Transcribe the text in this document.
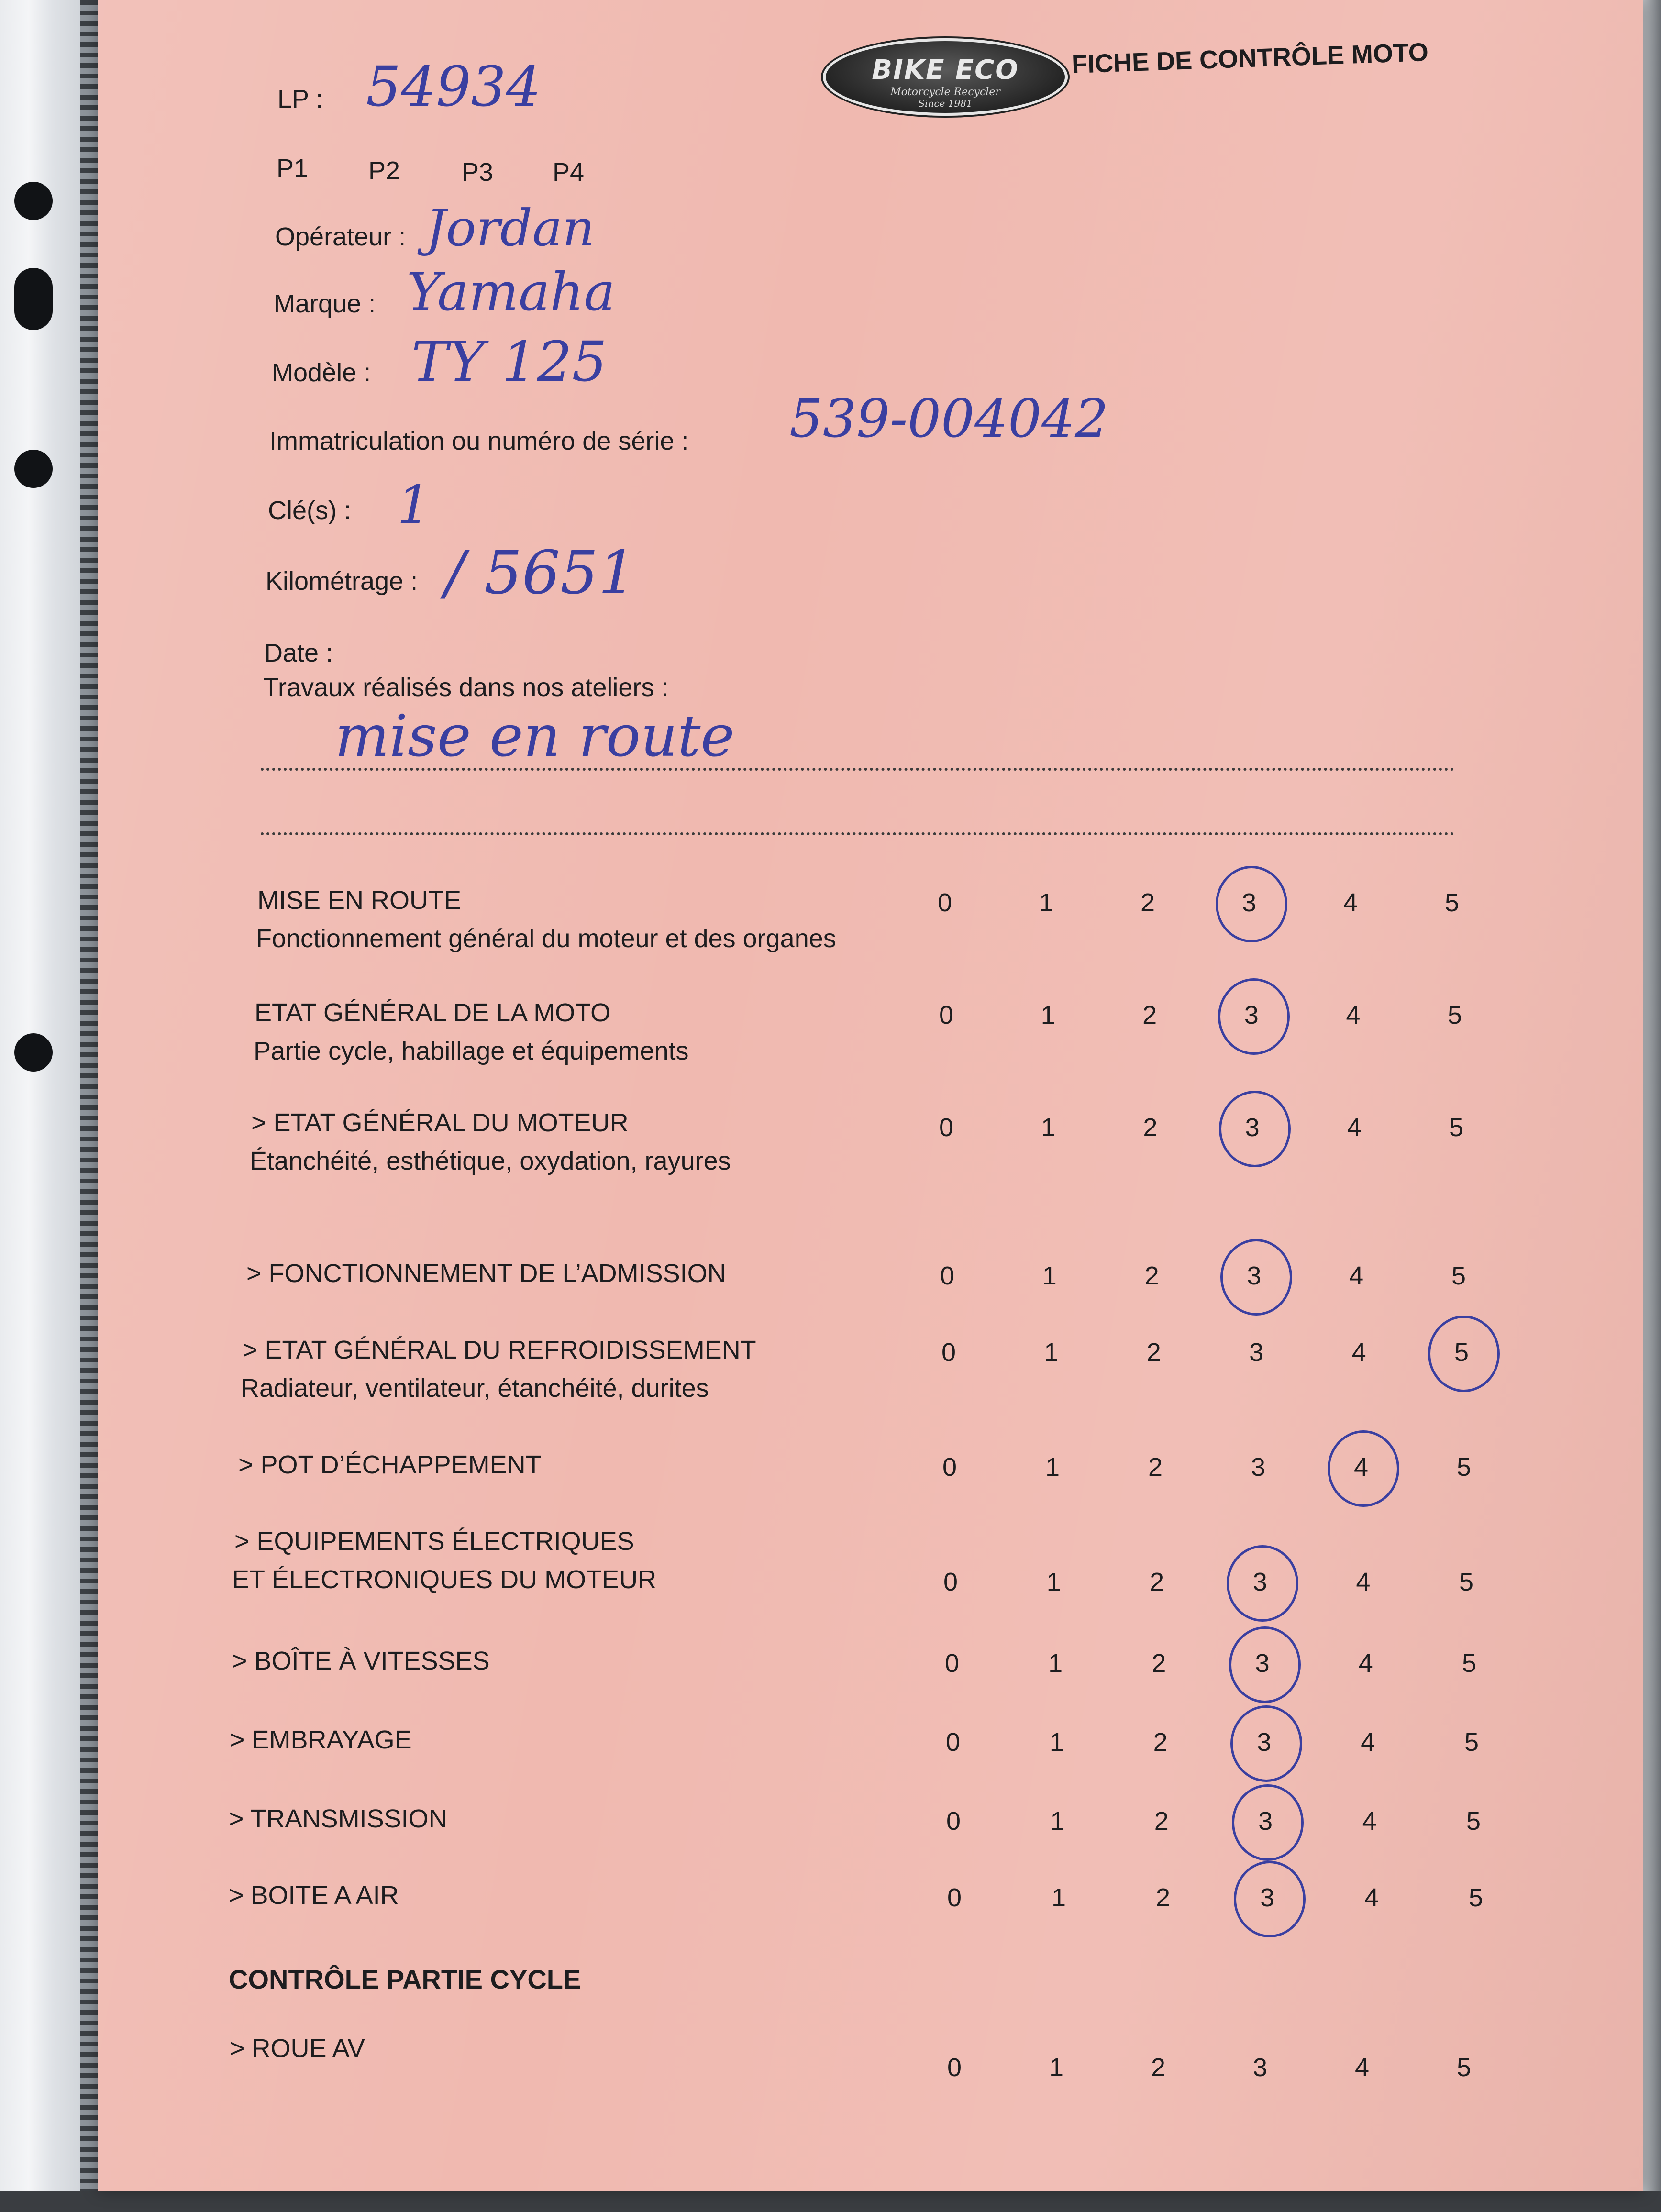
BIKE ECO
Motorcycle Recycler
Since 1981
FICHE DE CONTRÔLE MOTO
LP : 54934
P1 P2 P3 P4
Opérateur : Jordan
Marque : Yamaha
Modèle : TY 125
Immatriculation ou numéro de série : 539-004042
Clé(s) : 1
Kilométrage : / 5651
Date :
Travaux réalisés dans nos ateliers :
mise en route
MISE EN ROUTE
Fonctionnement général du moteur et des organes
0	1	2	3	4	5
ETAT GÉNÉRAL DE LA MOTO
Partie cycle, habillage et équipements
0	1	2	3	4	5
> ETAT GÉNÉRAL DU MOTEUR
Étanchéité, esthétique, oxydation, rayures
0	1	2	3	4	5
> FONCTIONNEMENT DE L’ADMISSION	0	1	2	3	4	5
> ETAT GÉNÉRAL DU REFROIDISSEMENT
Radiateur, ventilateur, étanchéité, durites
0	1	2	3	4	5
> POT D’ÉCHAPPEMENT	0	1	2	3	4	5
> EQUIPEMENTS ÉLECTRIQUES
ET ÉLECTRONIQUES DU MOTEUR	0	1	2	3	4	5
> BOÎTE À VITESSES	0	1	2	3	4	5
> EMBRAYAGE	0	1	2	3	4	5
> TRANSMISSION	0	1	2	3	4	5
> BOITE A AIR	0	1	2	3	4	5
CONTRÔLE PARTIE CYCLE
> ROUE AV
0	1	2	3	4	5
